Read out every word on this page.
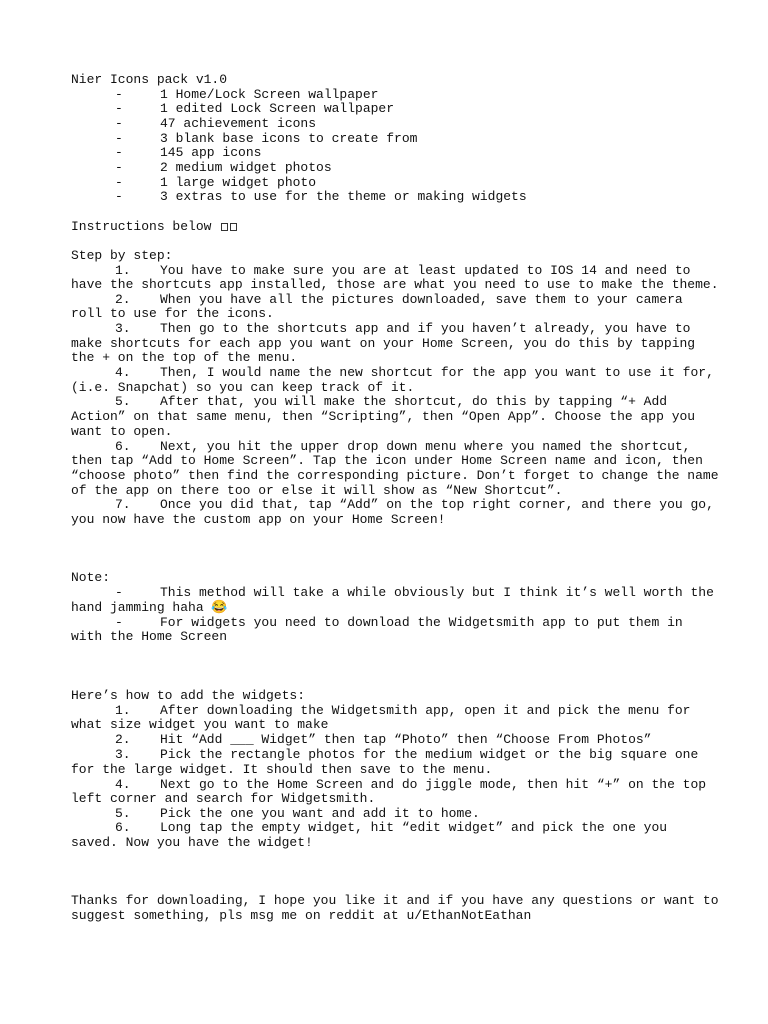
Nier Icons pack v1.0
-	1 Home/Lock Screen wallpaper
-	1 edited Lock Screen wallpaper
-	47 achievement icons
-	3 blank base icons to create from
-	145 app icons
-	2 medium widget photos
-	1 large widget photo
-	3 extras to use for the theme or making widgets
Instructions below
Step by step:
1. You have to make sure you are at least updated to IOS 14 and need to
have the shortcuts app installed, those are what you need to use to make the theme.
2. When you have all the pictures downloaded, save them to your camera
roll to use for the icons.
3. Then go to the shortcuts app and if you haven’t already, you have to
make shortcuts for each app you want on your Home Screen, you do this by tapping
the + on the top of the menu.
4. Then, I would name the new shortcut for the app you want to use it for,
(i.e. Snapchat) so you can keep track of it.
5. After that, you will make the shortcut, do this by tapping “+ Add
Action” on that same menu, then “Scripting”, then “Open App”. Choose the app you
want to open.
6. Next, you hit the upper drop down menu where you named the shortcut,
then tap “Add to Home Screen”. Tap the icon under Home Screen name and icon, then
“choose photo” then find the corresponding picture. Don’t forget to change the name
of the app on there too or else it will show as “New Shortcut”.
7. Once you did that, tap “Add” on the top right corner, and there you go,
you now have the custom app on your Home Screen!
Note:
-	This method will take a while obviously but I think it’s well worth the
hand jamming haha 😂
-	For widgets you need to download the Widgetsmith app to put them in
with the Home Screen
Here’s how to add the widgets:
1. After downloading the Widgetsmith app, open it and pick the menu for
what size widget you want to make
2. Hit “Add ___ Widget” then tap “Photo” then “Choose From Photos”
3. Pick the rectangle photos for the medium widget or the big square one
for the large widget. It should then save to the menu.
4. Next go to the Home Screen and do jiggle mode, then hit “+” on the top
left corner and search for Widgetsmith.
5. Pick the one you want and add it to home.
6. Long tap the empty widget, hit “edit widget” and pick the one you
saved. Now you have the widget!
Thanks for downloading, I hope you like it and if you have any questions or want to
suggest something, pls msg me on reddit at u/EthanNotEathan
